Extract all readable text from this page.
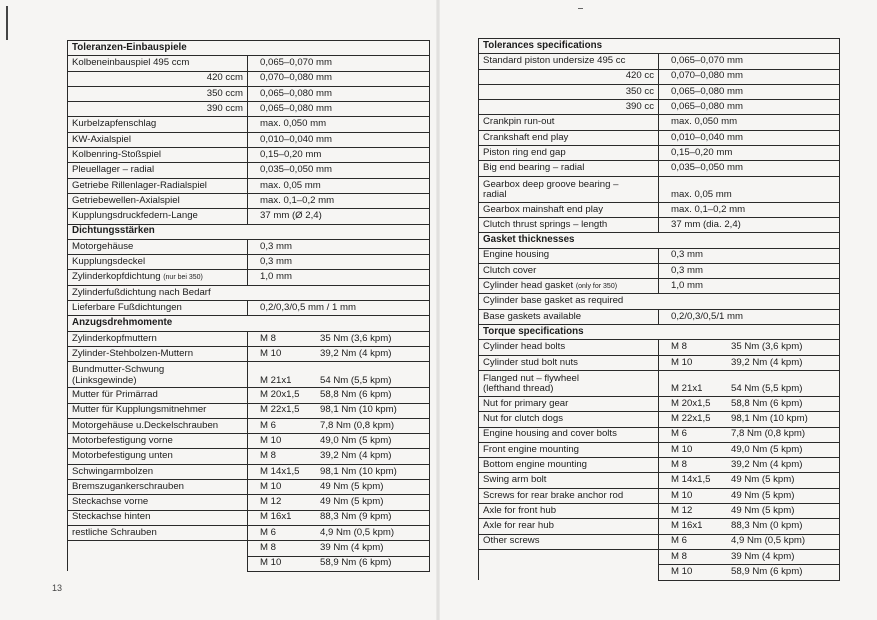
Toleranzen-Einbauspiele	
Kolbeneinbauspiel 495 ccm	0,065–0,070 mm
420 ccm	0,070–0,080 mm
350 ccm	0,065–0,080 mm
390 ccm	0,065–0,080 mm
Kurbelzapfenschlag	max. 0,050 mm
KW-Axialspiel	0,010–0,040 mm
Kolbenring-Stoßspiel	0,15–0,20 mm
Pleuellager – radial	0,035–0,050 mm
Getriebe Rillenlager-Radialspiel	max. 0,05 mm
Getriebewellen-Axialspiel	max. 0,1–0,2 mm
Kupplungsdruckfedern-Lange	37 mm (Ø 2,4)
Dichtungsstärken	
Motorgehäuse	0,3 mm
Kupplungsdeckel	0,3 mm
Zylinderkopfdichtung (nur bei 350)	1,0 mm
Zylinderfußdichtung nach Bedarf	
Lieferbare Fußdichtungen	0,2/0,3/0,5 mm / 1 mm
Anzugsdrehmomente	
Zylinderkopfmuttern	M 8 35 Nm (3,6 kpm)

Zylinder-Stehbolzen-Muttern	M 10 39,2 Nm (4 kpm)

Bundmutter-Schwung
(Linksgewinde)	M 21x1 54 Nm (5,5 kpm)

Mutter für Primärrad	M 20x1,5 58,8 Nm (6 kpm)

Mutter für Kupplungsmitnehmer	M 22x1,5 98,1 Nm (10 kpm)

Motorgehäuse u.Deckelschrauben	M 6 7,8 Nm (0,8 kpm)

Motorbefestigung vorne	M 10 49,0 Nm (5 kpm)

Motorbefestigung unten	M 8 39,2 Nm (4 kpm)

Schwingarmbolzen	M 14x1,5 98,1 Nm (10 kpm)

Bremszugankerschrauben	M 10 49 Nm (5 kpm)

Steckachse vorne	M 12 49 Nm (5 kpm)

Steckachse hinten	M 16x1 88,3 Nm (9 kpm)

restliche Schrauben	M 6 4,9 Nm (0,5 kpm)

	M 8 39 Nm (4 kpm)

	M 10 58,9 Nm (6 kpm)
Tolerances specifications	
Standard piston undersize 495 cc	0,065–0,070 mm
420 cc	0,070–0,080 mm
350 cc	0,065–0,080 mm
390 cc	0,065–0,080 mm
Crankpin run-out	max. 0,050 mm
Crankshaft end play	0,010–0,040 mm
Piston ring end gap	0,15–0,20 mm
Big end bearing – radial	0,035–0,050 mm
Gearbox deep groove bearing –
radial	max. 0,05 mm
Gearbox mainshaft end play	max. 0,1–0,2 mm
Clutch thrust springs – length	37 mm (dia. 2,4)
Gasket thicknesses	
Engine housing	0,3 mm
Clutch cover	0,3 mm
Cylinder head gasket (only for 350)	1,0 mm
Cylinder base gasket as required	
Base gaskets available	0,2/0,3/0,5/1 mm
Torque specifications	
Cylinder head bolts	M 8 35 Nm (3,6 kpm)

Cylinder stud bolt nuts	M 10 39,2 Nm (4 kpm)

Flanged nut – flywheel
(lefthand thread)	M 21x1 54 Nm (5,5 kpm)

Nut for primary gear	M 20x1,5 58,8 Nm (6 kpm)

Nut for clutch dogs	M 22x1,5 98,1 Nm (10 kpm)

Engine housing and cover bolts	M 6 7,8 Nm (0,8 kpm)

Front engine mounting	M 10 49,0 Nm (5 kpm)

Bottom engine mounting	M 8 39,2 Nm (4 kpm)

Swing arm bolt	M 14x1,5 49 Nm (5 kpm)

Screws for rear brake anchor rod	M 10 49 Nm (5 kpm)

Axle for front hub	M 12 49 Nm (5 kpm)

Axle for rear hub	M 16x1 88,3 Nm (0 kpm)

Other screws	M 6 4,9 Nm (0,5 kpm)

	M 8 39 Nm (4 kpm)

	M 10 58,9 Nm (6 kpm)
13
